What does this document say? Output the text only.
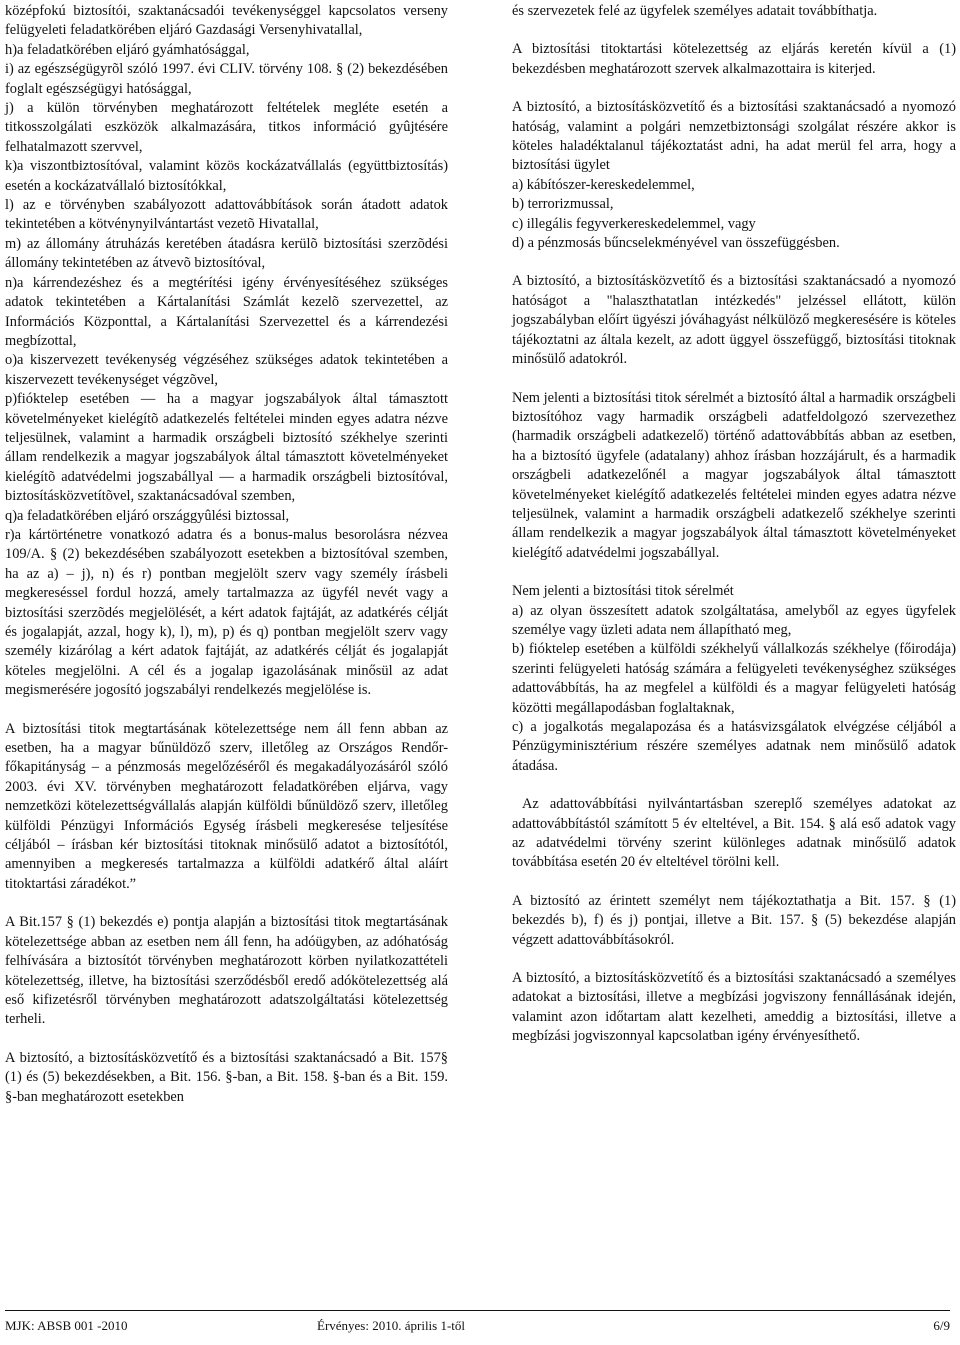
középfokú biztosítói, szaktanácsadói tevékenységgel kapcsolatos verseny felügyeleti feladatkörében eljáró Gazdasági Versenyhivatallal,

h)a feladatkörében eljáró gyámhatósággal,

i) az egészségügyrõl szóló 1997. évi CLIV. törvény 108. § (2) bekezdésében foglalt egészségügyi hatósággal,

j) a külön törvényben meghatározott feltételek megléte esetén a titkosszolgálati eszközök alkalmazására, titkos információ gyûjtésére felhatalmazott szervvel,

k)a viszontbiztosítóval, valamint közös kockázatvállalás (együttbiztosítás) esetén a kockázatvállaló biztosítókkal,

l) az e törvényben szabályozott adattovábbítások során átadott adatok tekintetében a kötvénynyilvántartást vezetõ Hivatallal,

m) az állomány átruházás keretében átadásra kerülõ biztosítási szerzõdési állomány tekintetében az átvevõ biztosítóval,

n)a kárrendezéshez és a megtérítési igény érvényesítéséhez szükséges adatok tekintetében a Kártalanítási Számlát kezelõ szervezettel, az Információs Központtal, a Kártalanítási Szervezettel és a kárrendezési megbízottal,

o)a kiszervezett tevékenység végzéséhez szükséges adatok tekintetében a kiszervezett tevékenységet végzõvel,

p)fióktelep esetében — ha a magyar jogszabályok által támasztott követelményeket kielégítõ adatkezelés feltételei minden egyes adatra nézve teljesülnek, valamint a harmadik országbeli biztosító székhelye szerinti állam rendelkezik a magyar jogszabályok által támasztott követelményeket kielégítõ adatvédelmi jogszabállyal — a harmadik országbeli biztosítóval, biztosításközvetítõvel, szaktanácsadóval szemben,

q)a feladatkörében eljáró országgyûlési biztossal,

r)a kártörténetre vonatkozó adatra és a bonus-malus besorolásra nézvea 109/A. § (2) bekezdésében szabályozott esetekben a biztosítóval szemben, ha az a) – j), n) és r) pontban megjelölt szerv vagy személy írásbeli megkereséssel fordul hozzá, amely tartalmazza az ügyfél nevét vagy a biztosítási szerzõdés megjelölését, a kért adatok fajtáját, az adatkérés célját és jogalapját, azzal, hogy k), l), m), p) és q) pontban megjelölt szerv vagy személy kizárólag a kért adatok fajtáját, az adatkérés célját és jogalapját köteles megjelölni. A cél és a jogalap igazolásának minősül az adat megismerésére jogosító jogszabályi rendelkezés megjelölése is.

A biztosítási titok megtartásának kötelezettsége nem áll fenn abban az esetben, ha a magyar bűnüldöző szerv, illetőleg az Országos Rendőr-főkapitányság – a pénzmosás megelőzéséről és megakadályozásáról szóló 2003. évi XV. törvényben meghatározott feladatkörében eljárva, vagy nemzetközi kötelezettségvállalás alapján külföldi bűnüldöző szerv, illetőleg külföldi Pénzügyi Információs Egység írásbeli megkeresése teljesítése céljából – írásban kér biztosítási titoknak minősülő adatot a biztosítótól, amennyiben a megkeresés tartalmazza a külföldi adatkérő által aláírt titoktartási záradékot.”

A Bit.157 § (1) bekezdés e) pontja alapján a biztosítási titok megtartásának kötelezettsége abban az esetben nem áll fenn, ha adóügyben, az adóhatóság felhívására a biztosítót törvényben meghatározott körben nyilatkozattételi kötelezettség, illetve, ha biztosítási szerződésből eredő adókötelezettség alá eső kifizetésről törvényben meghatározott adatszolgáltatási kötelezettség terheli.

A biztosító, a biztosításközvetítő és a biztosítási szaktanácsadó a Bit. 157§ (1) és (5) bekezdésekben, a Bit. 156. §-ban, a Bit. 158. §-ban és a Bit. 159. §-ban meghatározott esetekben

és szervezetek felé az ügyfelek személyes adatait továbbíthatja.

A biztosítási titoktartási kötelezettség az eljárás keretén kívül a (1) bekezdésben meghatározott szervek alkalmazottaira is kiterjed.

A biztosító, a biztosításközvetítő és a biztosítási szaktanácsadó a nyomozó hatóság, valamint a polgári nemzetbiztonsági szolgálat részére akkor is köteles haladéktalanul tájékoztatást adni, ha adat merül fel arra, hogy a biztosítási ügylet

a) kábítószer-kereskedelemmel,

b) terrorizmussal,

c) illegális fegyverkereskedelemmel, vagy

d) a pénzmosás bűncselekményével van összefüggésben.

A biztosító, a biztosításközvetítő és a biztosítási szaktanácsadó a nyomozó hatóságot a "halaszthatatlan intézkedés" jelzéssel ellátott, külön jogszabályban előírt ügyészi jóváhagyást nélkülöző megkeresésére is köteles tájékoztatni az általa kezelt, az adott üggyel összefüggő, biztosítási titoknak minősülő adatokról.

Nem jelenti a biztosítási titok sérelmét a biztosító által a harmadik országbeli biztosítóhoz vagy harmadik országbeli adatfeldolgozó szervezethez (harmadik országbeli adatkezelő) történő adattovábbítás abban az esetben, ha a biztosító ügyfele (adatalany) ahhoz írásban hozzájárult, és a harmadik országbeli adatkezelőnél a magyar jogszabályok által támasztott követelményeket kielégítő adatkezelés feltételei minden egyes adatra nézve teljesülnek, valamint a harmadik országbeli adatkezelő székhelye szerinti állam rendelkezik a magyar jogszabályok által támasztott követelményeket kielégítő adatvédelmi jogszabállyal.

Nem jelenti a biztosítási titok sérelmét

a) az olyan összesített adatok szolgáltatása, amelyből az egyes ügyfelek személye vagy üzleti adata nem állapítható meg,

b) fióktelep esetében a külföldi székhelyű vállalkozás székhelye (főirodája) szerinti felügyeleti hatóság számára a felügyeleti tevékenységhez szükséges adattovábbítás, ha az megfelel a külföldi és a magyar felügyeleti hatóság közötti megállapodásban foglaltaknak,

c) a jogalkotás megalapozása és a hatásvizsgálatok elvégzése céljából a Pénzügyminisztérium részére személyes adatnak nem minősülő adatok átadása.

Az adattovábbítási nyilvántartásban szereplő személyes adatokat az adattovábbítástól számított 5 év elteltével, a Bit. 154. § alá eső adatok vagy az adatvédelmi törvény szerint különleges adatnak minősülő adatok továbbítása esetén 20 év elteltével törölni kell.

A biztosító az érintett személyt nem tájékoztathatja a Bit. 157. § (1) bekezdés b), f) és j) pontjai, illetve a Bit. 157. § (5) bekezdése alapján végzett adattovábbításokról.

A biztosító, a biztosításközvetítő és a biztosítási szaktanácsadó a személyes adatokat a biztosítási, illetve a megbízási jogviszony fennállásának idején, valamint azon időtartam alatt kezelheti, ameddig a biztosítási, illetve a megbízási jogviszonnyal kapcsolatban igény érvényesíthető.

MJK: ABSB 001 -2010	Érvényes: 2010. április 1-től	6/9
